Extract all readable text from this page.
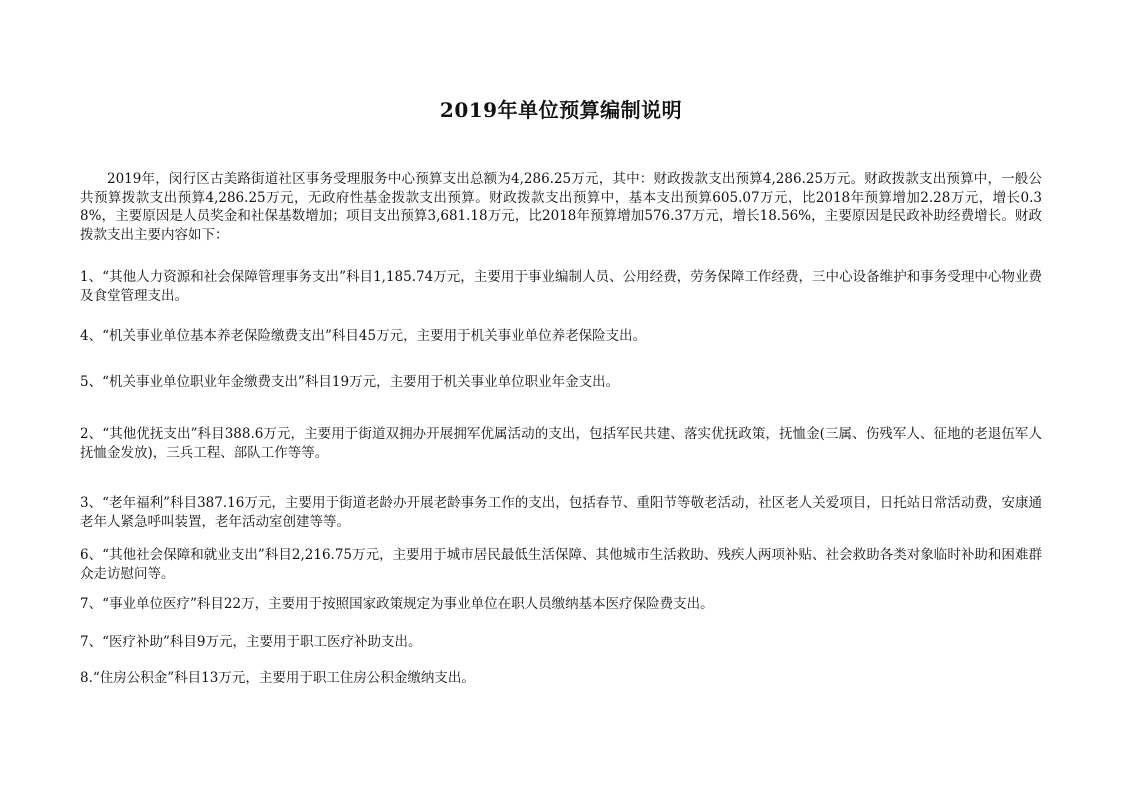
2019年单位预算编制说明

2019年，闵行区古美路街道社区事务受理服务中心预算支出总额为4,286.25万元，其中：财政拨款支出预算4,286.25万元。财政拨款支出预算中，一般公共预算拨款支出预算4,286.25万元，无政府性基金拨款支出预算。财政拨款支出预算中，基本支出预算605.07万元，比2018年预算增加2.28万元，增长0.38%，主要原因是人员奖金和社保基数增加；项目支出预算3,681.18万元，比2018年预算增加576.37万元，增长18.56%，主要原因是民政补助经费增长。财政拨款支出主要内容如下：

1、“其他人力资源和社会保障管理事务支出”科目1,185.74万元，主要用于事业编制人员、公用经费，劳务保障工作经费，三中心设备维护和事务受理中心物业费及食堂管理支出。

4、“机关事业单位基本养老保险缴费支出”科目45万元，主要用于机关事业单位养老保险支出。

5、“机关事业单位职业年金缴费支出”科目19万元，主要用于机关事业单位职业年金支出。

2、“其他优抚支出”科目388.6万元，主要用于街道双拥办开展拥军优属活动的支出，包括军民共建、落实优抚政策，抚恤金(三属、伤残军人、征地的老退伍军人抚恤金发放)，三兵工程、部队工作等等。

3、“老年福利”科目387.16万元，主要用于街道老龄办开展老龄事务工作的支出，包括春节、重阳节等敬老活动，社区老人关爱项目，日托站日常活动费，安康通老年人紧急呼叫装置，老年活动室创建等等。

6、“其他社会保障和就业支出”科目2,216.75万元，主要用于城市居民最低生活保障、其他城市生活救助、残疾人两项补贴、社会救助各类对象临时补助和困难群众走访慰问等。

7、“事业单位医疗”科目22万，主要用于按照国家政策规定为事业单位在职人员缴纳基本医疗保险费支出。

7、“医疗补助”科目9万元，主要用于职工医疗补助支出。

8.“住房公积金”科目13万元，主要用于职工住房公积金缴纳支出。
